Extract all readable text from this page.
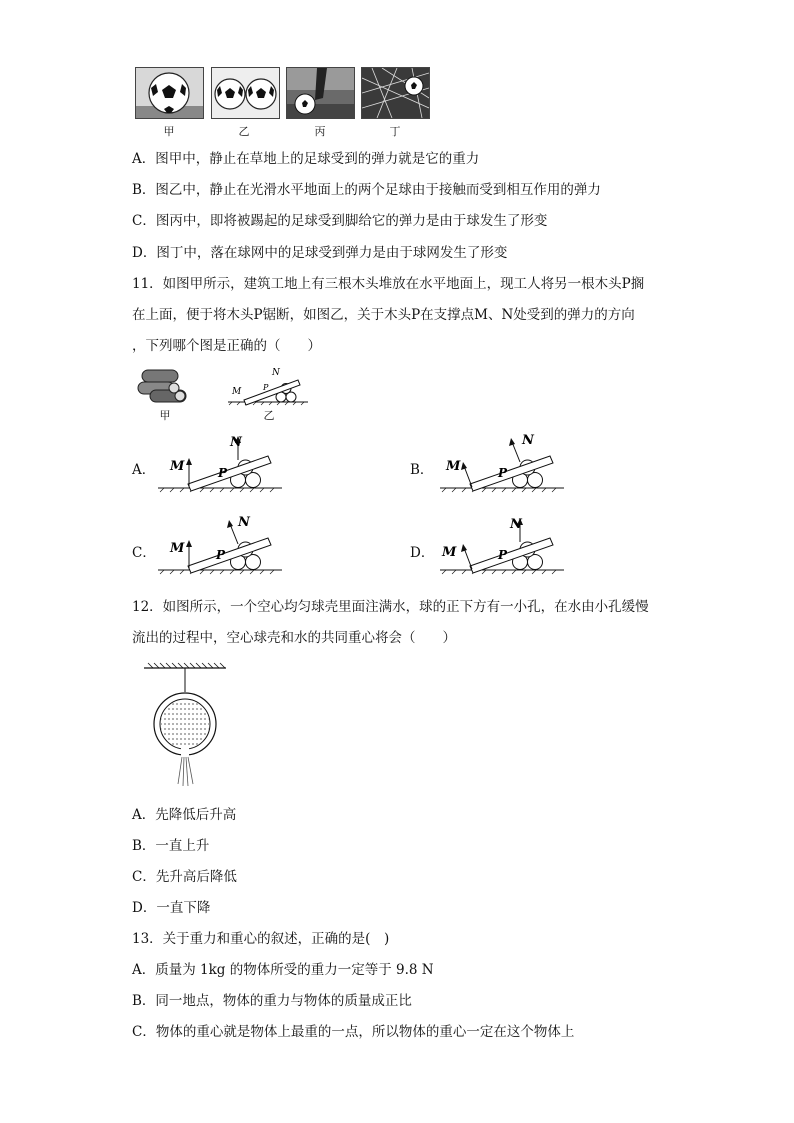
甲	乙	丙	丁
A．图甲中，静止在草地上的足球受到的弹力就是它的重力
B．图乙中，静止在光滑水平地面上的两个足球由于接触而受到相互作用的弹力
C．图丙中，即将被踢起的足球受到脚给它的弹力是由于球发生了形变
D．图丁中，落在球网中的足球受到弹力是由于球网发生了形变
11．如图甲所示，建筑工地上有三根木头堆放在水平地面上，现工人将另一根木头P搁
在上面，便于将木头P锯断，如图乙，关于木头P在支撑点M、N处受到的弹力的方向
，下列哪个图是正确的（　　）
甲
M
N
P
乙
A．	B．
C．	D．
M
N
P	M
N
P
M
N
P	M
N
P
12．如图所示，一个空心均匀球壳里面注满水，球的正下方有一小孔，在水由小孔缓慢
流出的过程中，空心球壳和水的共同重心将会（　　）
A．先降低后升高
B．一直上升
C．先升高后降低
D．一直下降
13．关于重力和重心的叙述，正确的是(　)
A．质量为 1kg 的物体所受的重力一定等于 9.8 N
B．同一地点，物体的重力与物体的质量成正比
C．物体的重心就是物体上最重的一点，所以物体的重心一定在这个物体上
